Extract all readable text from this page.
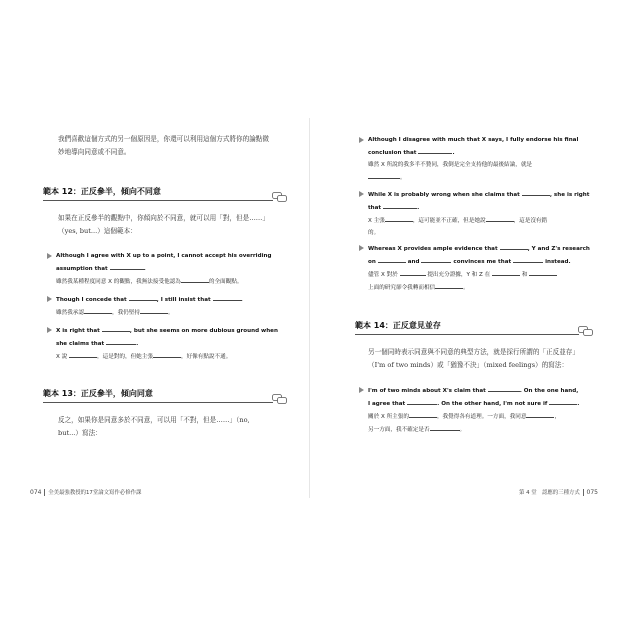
我們喜歡這個方式的另一個原因是，你還可以利用這個方式將你的論點微
妙地導向同意或不同意。
範本 12：正反參半，傾向不同意
如果在正反參半的觀點中，你傾向於不同意，就可以用「對，但是……」
（yes, but...）這個範本：
Although I agree with X up to a point, I cannot accept his overriding
assumption that	.
雖然我某種程度同意 X 的觀點，我無法接受他認為	的全面觀點。
Though I concede that	, I still insist that	.
雖然我承認	，我仍堅持	。
X is right that	, but she seems on more dubious ground when
she claims that	.
X 說	，這是對的，但她主張	，好像有點說不通。
範本 13：正反參半，傾向同意
反之，如果你是同意多於不同意，可以用「不對，但是……」（no,
but...）寫法：
074 全美最強教授的17堂論文寫作必修作課
Although I disagree with much that X says, I fully endorse his final
conclusion that	.
雖然 X 所說的我多半不贊同，我倒是完全支持他的最後結論，就是
。
While X is probably wrong when she claims that	, she is right
that	.
X 主張	，這可能並不正確，但是她說	，這是沒有錯
的。
Whereas X provides ample evidence that	, Y and Z's research
on	and	convinces me that	instead.
儘管 X 對於	提出充分證據，Y 和 Z 在	和
上面的研究卻令我轉而相信	。
範本 14：正反意見並存
另一個同時表示同意與不同意的典型方法，就是採行所謂的「正反並存」
（I'm of two minds）或「猶豫不決」（mixed feelings）的寫法：
I'm of two minds about X's claim that	. On the one hand,
I agree that	. On the other hand, I'm not sure if	.
關於 X 所主張的	，我覺得各有道理。一方面，我同意	，
另一方面，我不確定是否	。
第 4 堂　認應的三種方式 075
